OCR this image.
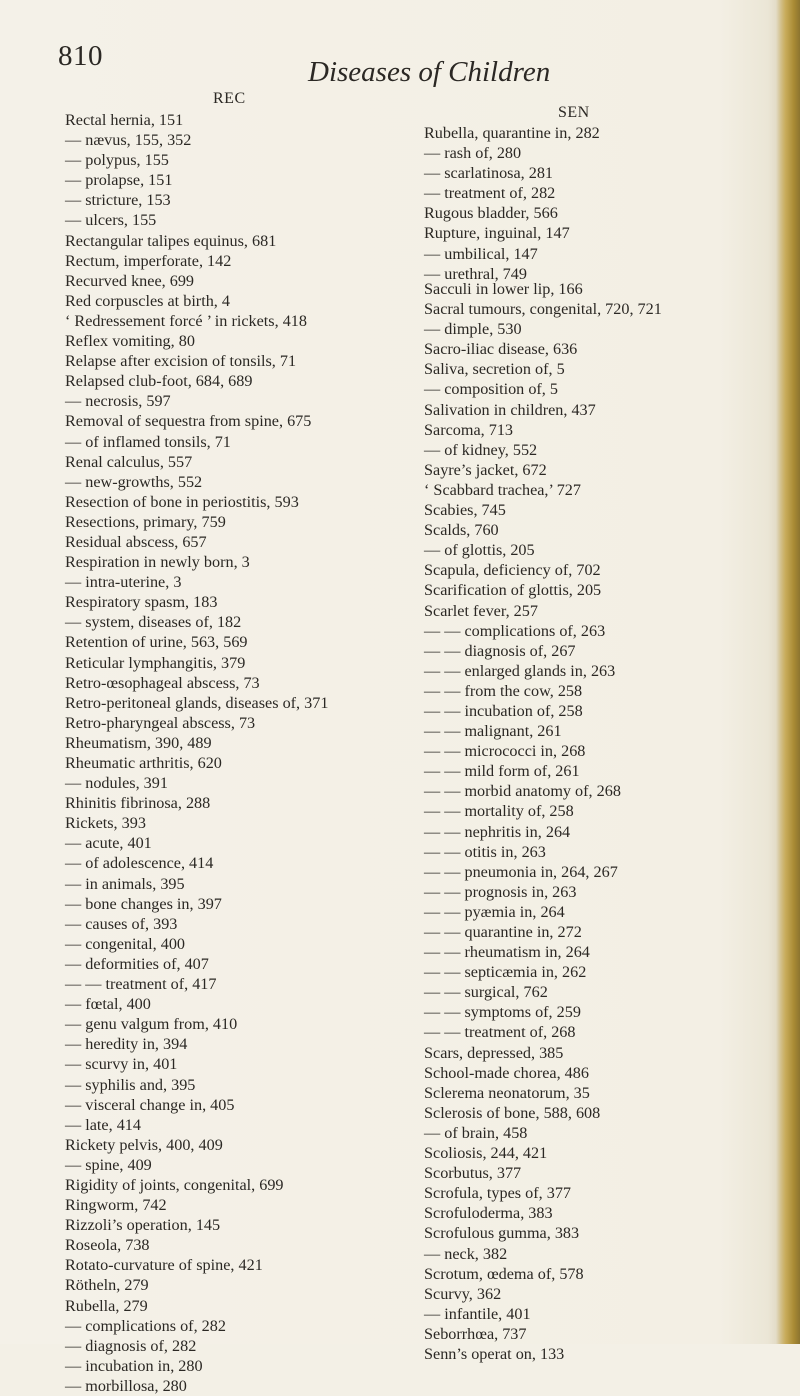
810	Diseases of Children
REC
SEN
Rectal hernia, 151
— nævus, 155, 352
— polypus, 155
— prolapse, 151
— stricture, 153
— ulcers, 155
Rectangular talipes equinus, 681
Rectum, imperforate, 142
Recurved knee, 699
Red corpuscles at birth, 4
‘ Redressement forcé ’ in rickets, 418
Reflex vomiting, 80
Relapse after excision of tonsils, 71
Relapsed club-foot, 684, 689
— necrosis, 597
Removal of sequestra from spine, 675
— of inflamed tonsils, 71
Renal calculus, 557
— new-growths, 552
Resection of bone in periostitis, 593
Resections, primary, 759
Residual abscess, 657
Respiration in newly born, 3
— intra-uterine, 3
Respiratory spasm, 183
— system, diseases of, 182
Retention of urine, 563, 569
Reticular lymphangitis, 379
Retro-œsophageal abscess, 73
Retro-peritoneal glands, diseases of, 371
Retro-pharyngeal abscess, 73
Rheumatism, 390, 489
Rheumatic arthritis, 620
— nodules, 391
Rhinitis fibrinosa, 288
Rickets, 393
— acute, 401
— of adolescence, 414
— in animals, 395
— bone changes in, 397
— causes of, 393
— congenital, 400
— deformities of, 407
— — treatment of, 417
— fœtal, 400
— genu valgum from, 410
— heredity in, 394
— scurvy in, 401
— syphilis and, 395
— visceral change in, 405
— late, 414
Rickety pelvis, 400, 409
— spine, 409
Rigidity of joints, congenital, 699
Ringworm, 742
Rizzoli’s operation, 145
Roseola, 738
Rotato-curvature of spine, 421
Rötheln, 279
Rubella, 279
— complications of, 282
— diagnosis of, 282
— incubation in, 280
— morbillosa, 280
Rubella, quarantine in, 282
— rash of, 280
— scarlatinosa, 281
— treatment of, 282
Rugous bladder, 566
Rupture, inguinal, 147
— umbilical, 147
— urethral, 749
Sacculi in lower lip, 166
Sacral tumours, congenital, 720, 721
— dimple, 530
Sacro-iliac disease, 636
Saliva, secretion of, 5
— composition of, 5
Salivation in children, 437
Sarcoma, 713
— of kidney, 552
Sayre’s jacket, 672
‘ Scabbard trachea,’ 727
Scabies, 745
Scalds, 760
— of glottis, 205
Scapula, deficiency of, 702
Scarification of glottis, 205
Scarlet fever, 257
— — complications of, 263
— — diagnosis of, 267
— — enlarged glands in, 263
— — from the cow, 258
— — incubation of, 258
— — malignant, 261
— — micrococci in, 268
— — mild form of, 261
— — morbid anatomy of, 268
— — mortality of, 258
— — nephritis in, 264
— — otitis in, 263
— — pneumonia in, 264, 267
— — prognosis in, 263
— — pyæmia in, 264
— — quarantine in, 272
— — rheumatism in, 264
— — septicæmia in, 262
— — surgical, 762
— — symptoms of, 259
— — treatment of, 268
Scars, depressed, 385
School-made chorea, 486
Sclerema neonatorum, 35
Sclerosis of bone, 588, 608
— of brain, 458
Scoliosis, 244, 421
Scorbutus, 377
Scrofula, types of, 377
Scrofuloderma, 383
Scrofulous gumma, 383
— neck, 382
Scrotum, œdema of, 578
Scurvy, 362
— infantile, 401
Seborrhœa, 737
Senn’s operat on, 133
